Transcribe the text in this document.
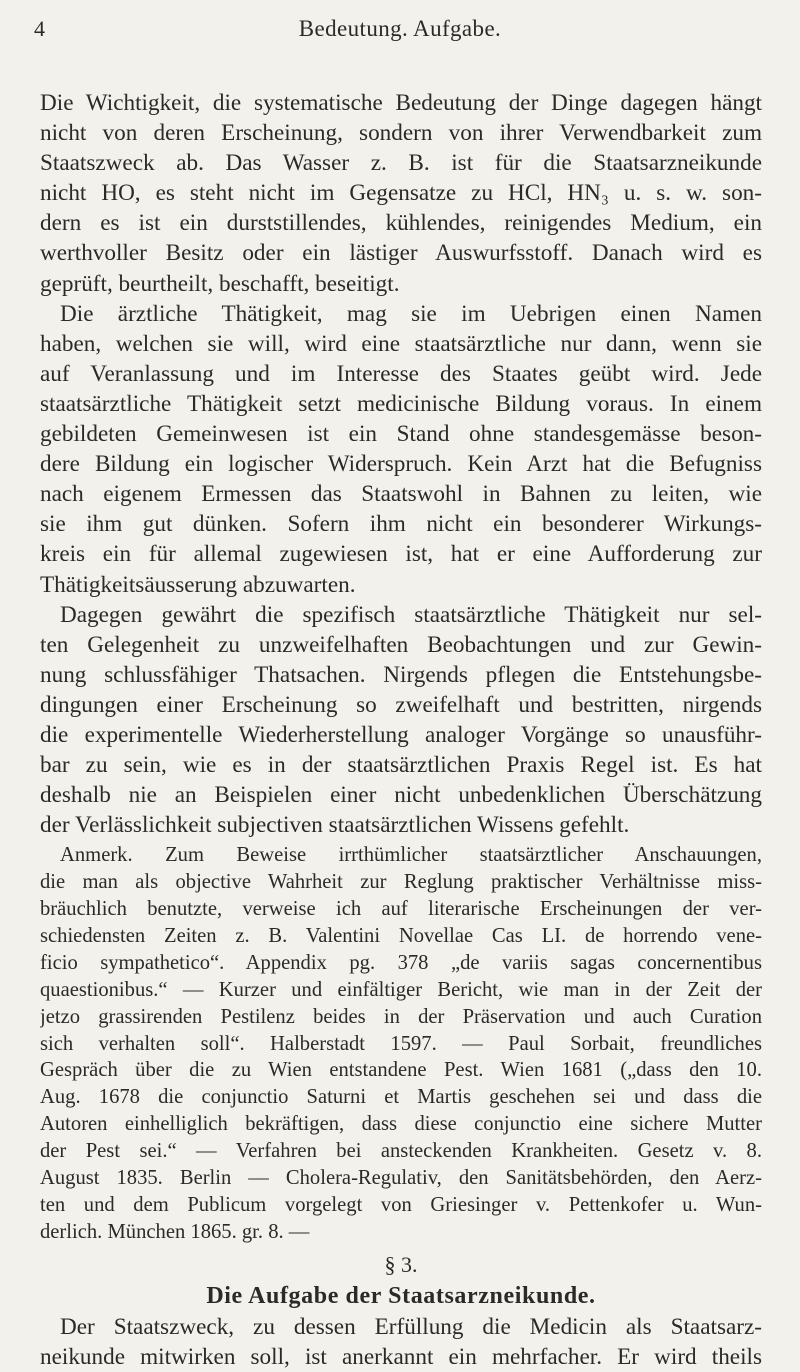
4	Bedeutung. Aufgabe.
Die Wichtigkeit, die systematische Bedeutung der Dinge dagegen hängt
nicht von deren Erscheinung, sondern von ihrer Verwendbarkeit zum
Staatszweck ab. Das Wasser z. B. ist für die Staatsarzneikunde
nicht HO, es steht nicht im Gegensatze zu HCl, HN₃ u. s. w. son-
dern es ist ein durststillendes, kühlendes, reinigendes Medium, ein
werthvoller Besitz oder ein lästiger Auswurfsstoff. Danach wird es
geprüft, beurtheilt, beschafft, beseitigt.
Die ärztliche Thätigkeit, mag sie im Uebrigen einen Namen
haben, welchen sie will, wird eine staatsärztliche nur dann, wenn sie
auf Veranlassung und im Interesse des Staates geübt wird. Jede
staatsärztliche Thätigkeit setzt medicinische Bildung voraus. In einem
gebildeten Gemeinwesen ist ein Stand ohne standesgemässe beson-
dere Bildung ein logischer Widerspruch. Kein Arzt hat die Befugniss
nach eigenem Ermessen das Staatswohl in Bahnen zu leiten, wie
sie ihm gut dünken. Sofern ihm nicht ein besonderer Wirkungs-
kreis ein für allemal zugewiesen ist, hat er eine Aufforderung zur
Thätigkeitsäusserung abzuwarten.
Dagegen gewährt die spezifisch staatsärztliche Thätigkeit nur sel-
ten Gelegenheit zu unzweifelhaften Beobachtungen und zur Gewin-
nung schlussfähiger Thatsachen. Nirgends pflegen die Entstehungsbe-
dingungen einer Erscheinung so zweifelhaft und bestritten, nirgends
die experimentelle Wiederherstellung analoger Vorgänge so unausführ-
bar zu sein, wie es in der staatsärztlichen Praxis Regel ist. Es hat
deshalb nie an Beispielen einer nicht unbedenklichen Überschätzung
der Verlässlichkeit subjectiven staatsärztlichen Wissens gefehlt.
Anmerk. Zum Beweise irrthümlicher staatsärztlicher Anschauungen,
die man als objective Wahrheit zur Reglung praktischer Verhältnisse miss-
bräuchlich benutzte, verweise ich auf literarische Erscheinungen der ver-
schiedensten Zeiten z. B. Valentini Novellae Cas LI. de horrendo vene-
ficio sympathetico“. Appendix pg. 378 „de variis sagas concernentibus
quaestionibus.“ — Kurzer und einfältiger Bericht, wie man in der Zeit der
jetzo grassirenden Pestilenz beides in der Präservation und auch Curation
sich verhalten soll“. Halberstadt 1597. — Paul Sorbait, freundliches
Gespräch über die zu Wien entstandene Pest. Wien 1681 („dass den 10.
Aug. 1678 die conjunctio Saturni et Martis geschehen sei und dass die
Autoren einhelliglich bekräftigen, dass diese conjunctio eine sichere Mutter
der Pest sei.“ — Verfahren bei ansteckenden Krankheiten. Gesetz v. 8.
August 1835. Berlin — Cholera-Regulativ, den Sanitätsbehörden, den Aerz-
ten und dem Publicum vorgelegt von Griesinger v. Pettenkofer u. Wun-
derlich. München 1865. gr. 8. —
§ 3.
Die Aufgabe der Staatsarzneikunde.
Der Staatszweck, zu dessen Erfüllung die Medicin als Staatsarz-
neikunde mitwirken soll, ist anerkannt ein mehrfacher. Er wird theils
